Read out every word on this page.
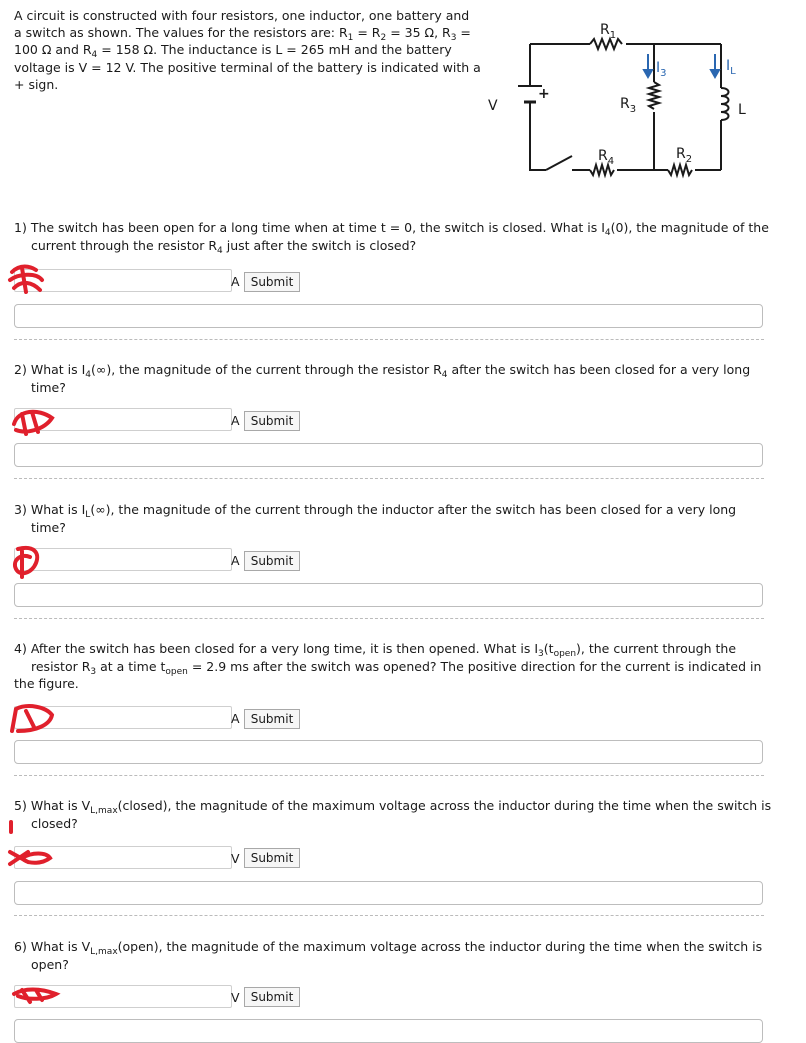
A circuit is constructed with four resistors, one inductor, one battery and

a switch as shown. The values for the resistors are: $R_1 = R_2 = 35$ Ω, $R_3$ =

100 Ω and $R_4 = 158$ Ω. The inductance is L = 265 mH and the battery

voltage is V = 12 V. The positive terminal of the battery is indicated with a

+ sign.

$R_1$
$R_3$
$R_4$	$R_2$
V
+
L
$I_3$	$I_L$
1) The switch has been open for a long time when at time t = 0, the switch is closed. What is $I_4(0)$, the magnitude of the
current through the resistor $R_4$ just after the switch is closed?
A Submit
2) What is $I_4(\infty)$, the magnitude of the current through the resistor $R_4$ after the switch has been closed for a very long
time?
A Submit
3) What is $I_L(\infty)$, the magnitude of the current through the inductor after the switch has been closed for a very long
time?
A Submit
4) After the switch has been closed for a very long time, it is then opened. What is $I_3(t_{open})$, the current through the
resistor $R_3$ at a time $t_{open} = 2.9$ ms after the switch was opened? The positive direction for the current is indicated in
the figure.
A Submit
5) What is $V_{L,max}(closed)$, the magnitude of the maximum voltage across the inductor during the time when the switch is
closed?
V Submit
6) What is $V_{L,max}(open)$, the magnitude of the maximum voltage across the inductor during the time when the switch is
open?
V Submit
